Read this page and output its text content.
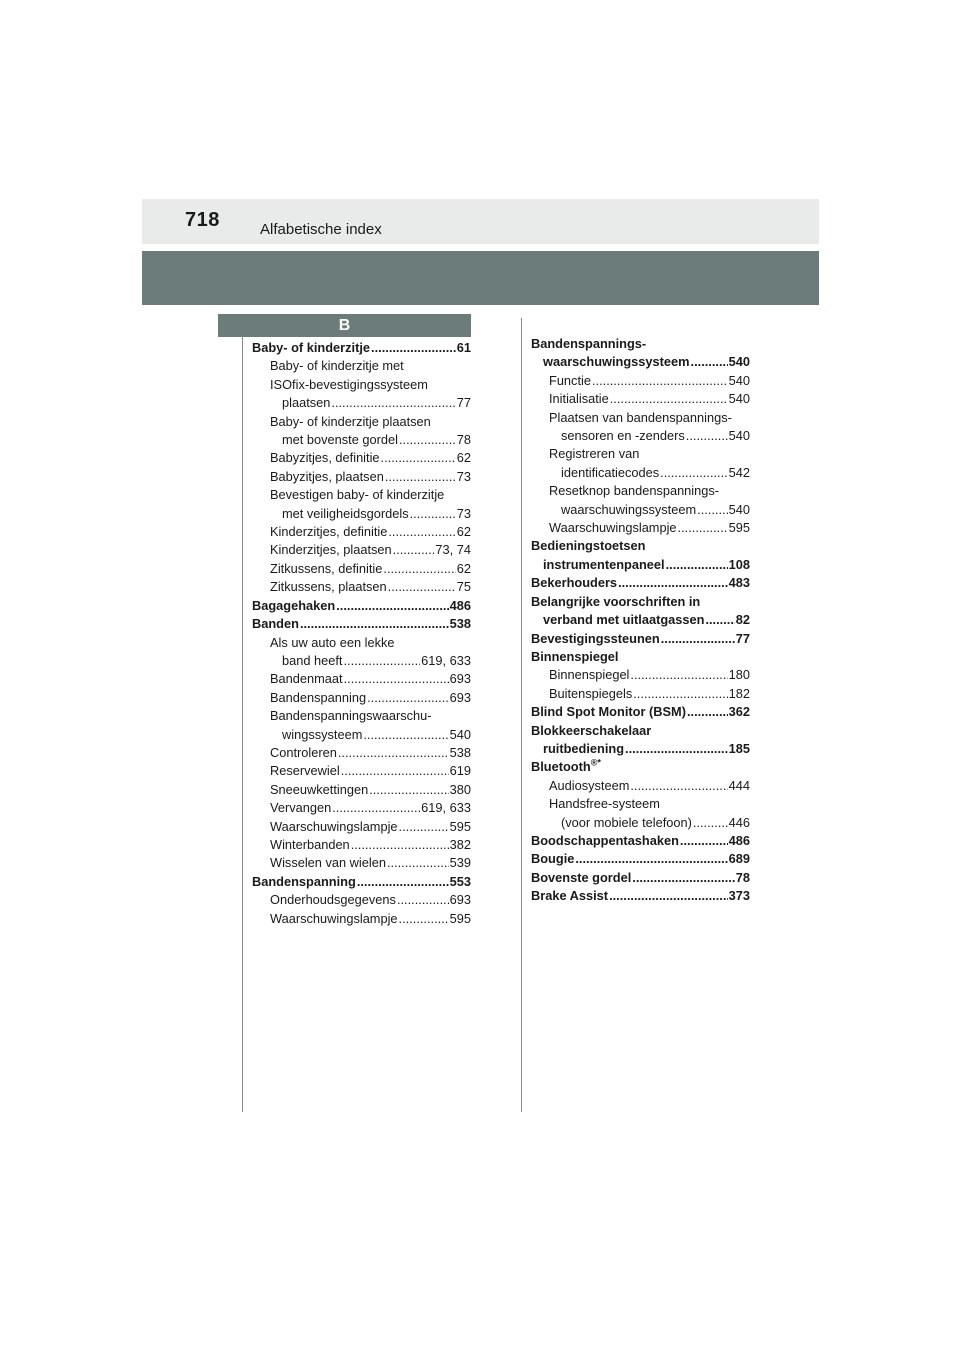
718	Alfabetische index
B
Baby- of kinderzitje .....	61
Baby- of kinderzitje met
ISOfix-bevestigingssysteem
plaatsen .....	77
Baby- of kinderzitje plaatsen
met bovenste gordel .....	78
Babyzitjes, definitie .....	62
Babyzitjes, plaatsen .....	73
Bevestigen baby- of kinderzitje
met veiligheidsgordels .....	73
Kinderzitjes, definitie .....	62
Kinderzitjes, plaatsen .....	73, 74
Zitkussens, definitie .....	62
Zitkussens, plaatsen .....	75
Bagagehaken .....	486
Banden .....	538
Als uw auto een lekke
band heeft .....	619, 633
Bandenmaat .....	693
Bandenspanning .....	693
Bandenspanningswaarschu-
wingssysteem .....	540
Controleren .....	538
Reservewiel .....	619
Sneeuwkettingen .....	380
Vervangen .....	619, 633
Waarschuwingslampje .....	595
Winterbanden .....	382
Wisselen van wielen .....	539
Bandenspanning .....	553
Onderhoudsgegevens .....	693
Waarschuwingslampje .....	595
Bandenspannings-
waarschuwingssysteem .....	540
Functie .....	540
Initialisatie .....	540
Plaatsen van bandenspannings-
sensoren en -zenders .....	540
Registreren van
identificatiecodes .....	542
Resetknop bandenspannings-
waarschuwingssysteem .....	540
Waarschuwingslampje .....	595
Bedieningstoetsen
instrumentenpaneel .....	108
Bekerhouders .....	483
Belangrijke voorschriften in
verband met uitlaatgassen ..... 82
Bevestigingssteunen .....	77
Binnenspiegel
Binnenspiegel .....	180
Buitenspiegels .....	182
Blind Spot Monitor (BSM) .....	362
Blokkeerschakelaar
ruitbediening .....	185
Bluetooth®*
Audiosysteem .....	444
Handsfree-systeem
(voor mobiele telefoon) .....	446
Boodschappentashaken .....	486
Bougie .....	689
Bovenste gordel .....	78
Brake Assist .....	373
